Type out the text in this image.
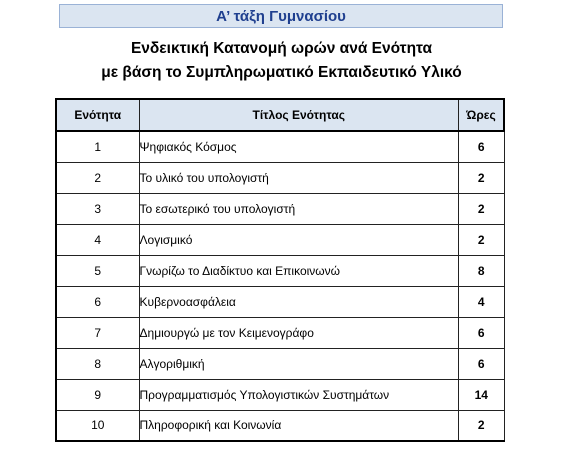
Α’ τάξη Γυμνασίου
Ενδεικτική Κατανομή ωρών ανά Ενότητα
με βάση το Συμπληρωματικό Εκπαιδευτικό Υλικό
Ενότητα	Τίτλος Ενότητας	Ώρες
1	Ψηφιακός Κόσμος	6
2	Το υλικό του υπολογιστή	2
3	Το εσωτερικό του υπολογιστή	2
4	Λογισμικό	2
5	Γνωρίζω το Διαδίκτυο και Επικοινωνώ	8
6	Κυβερνοασφάλεια	4
7	Δημιουργώ με τον Κειμενογράφο	6
8	Αλγοριθμική	6
9	Προγραμματισμός Υπολογιστικών Συστημάτων	14
10	Πληροφορική και Κοινωνία	2
